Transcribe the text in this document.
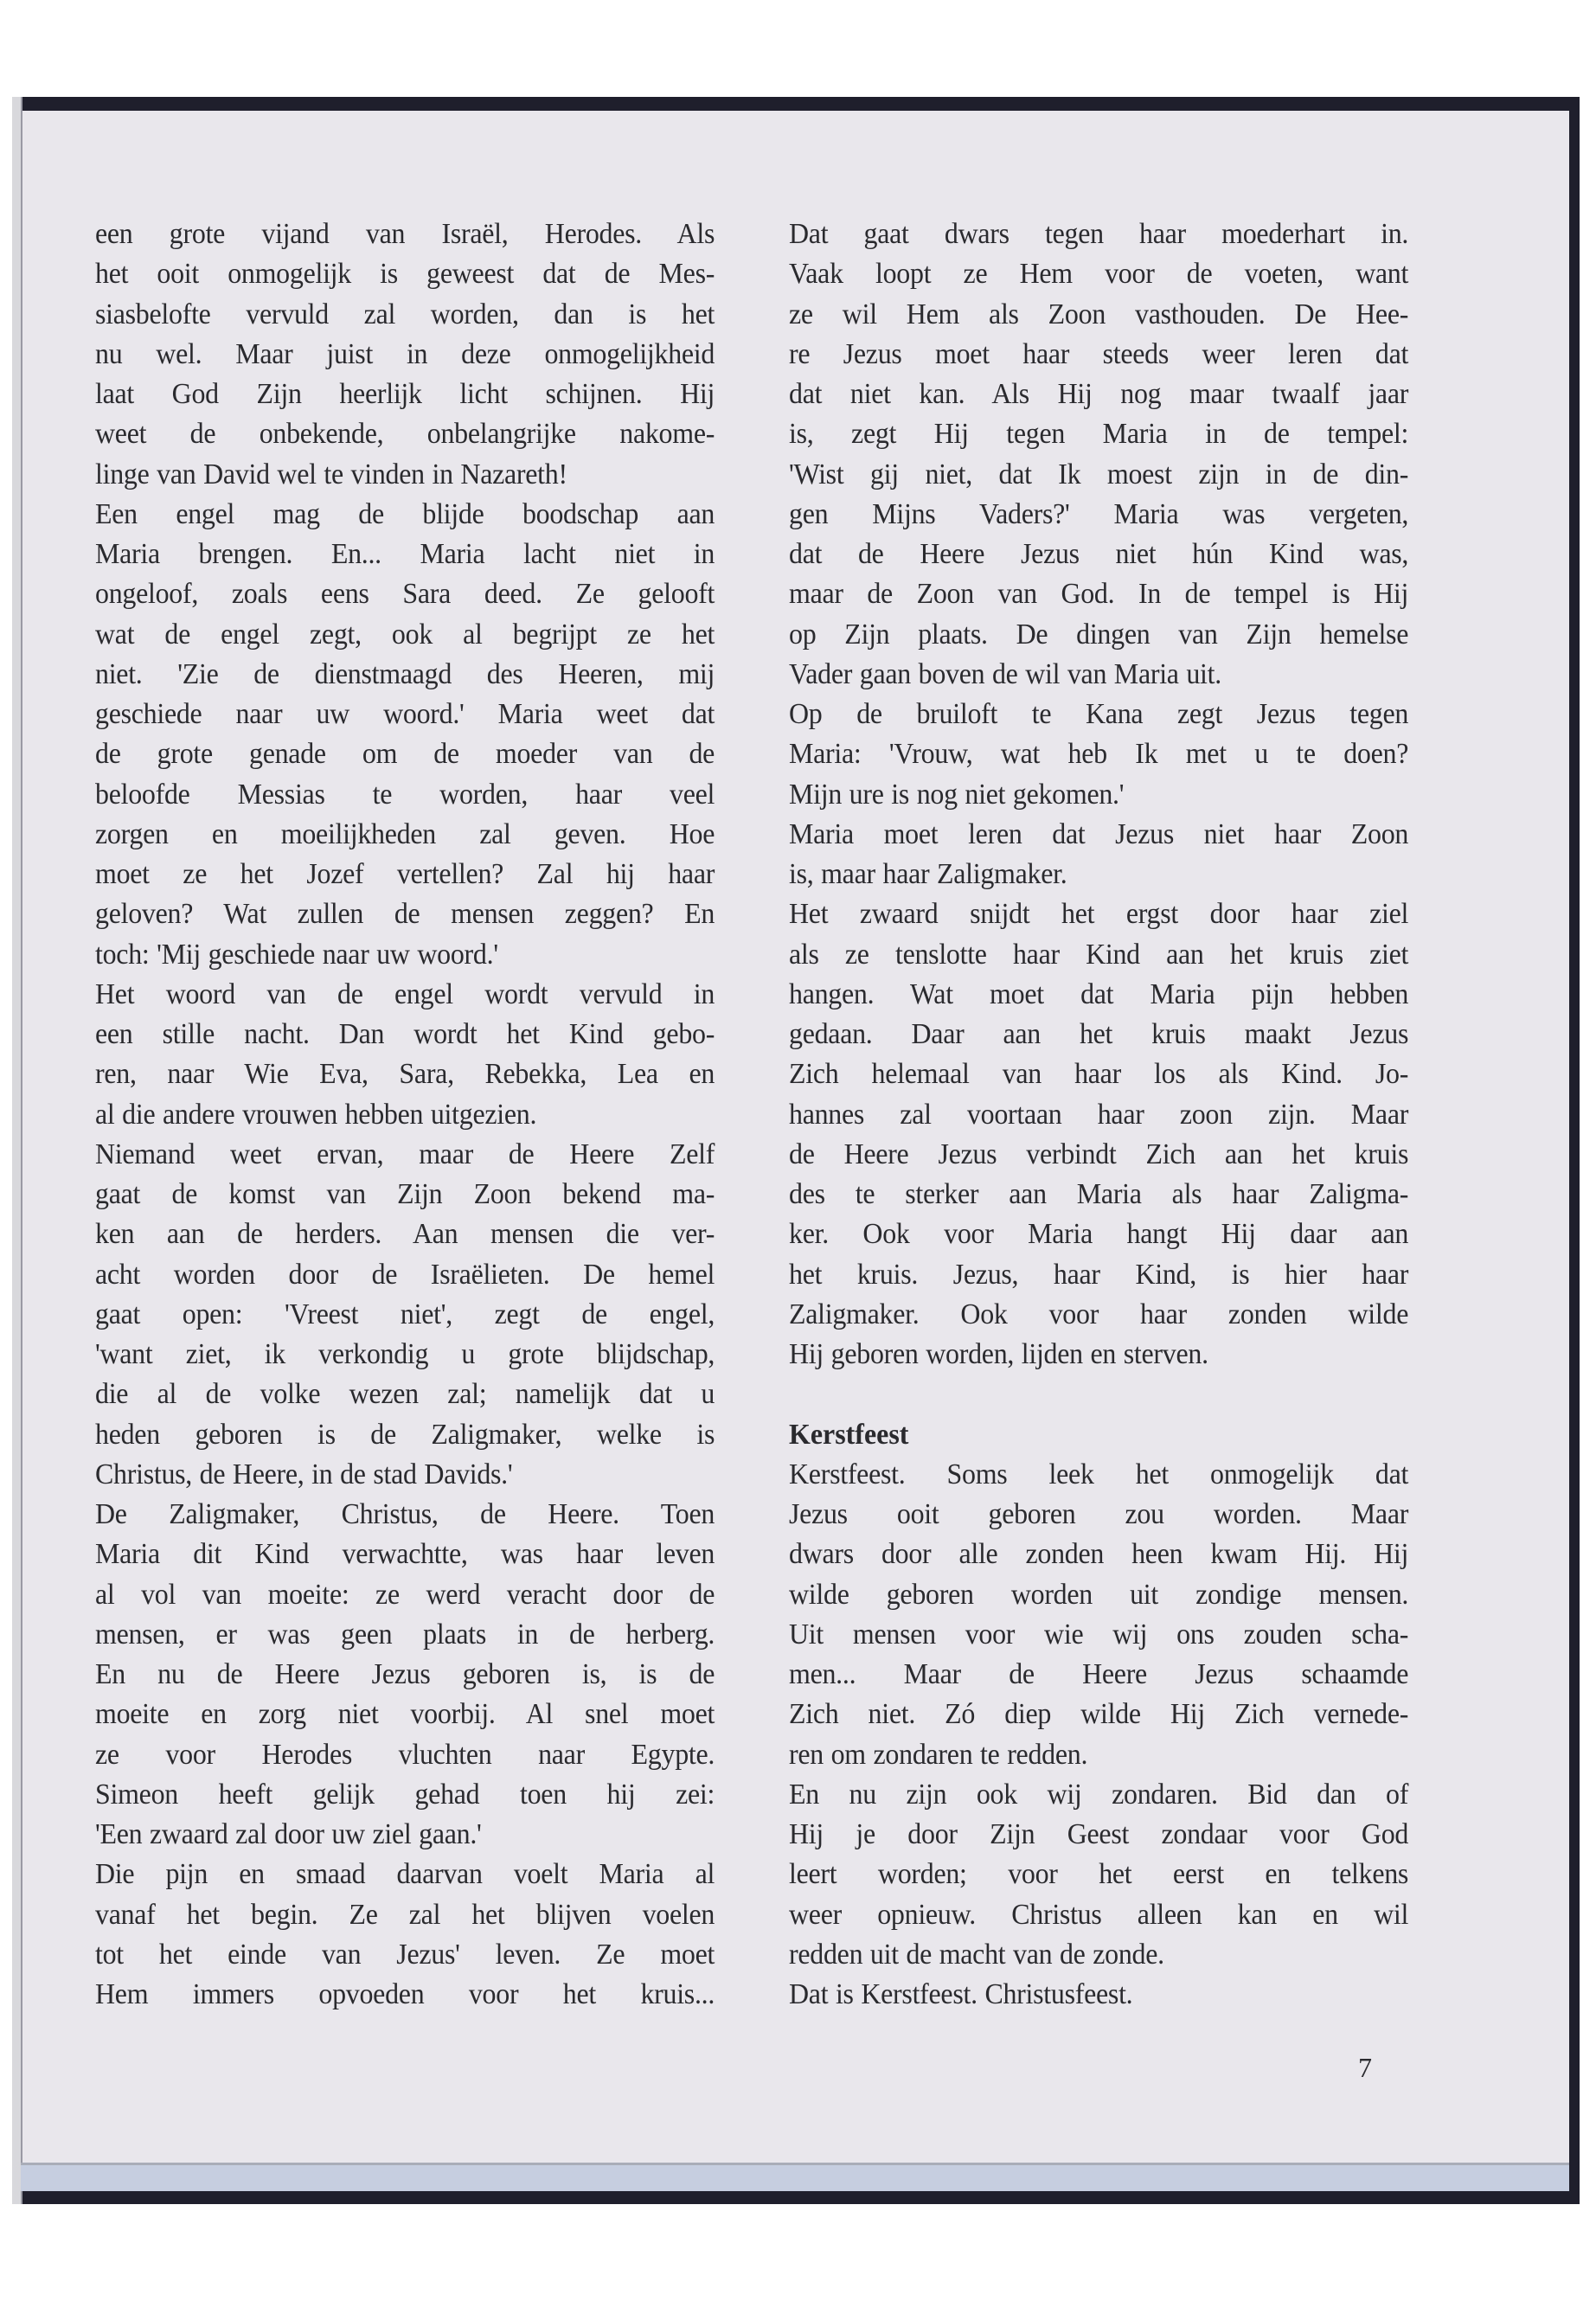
een grote vijand van Israël, Herodes. Als
het ooit onmogelijk is geweest dat de Mes-
siasbelofte vervuld zal worden, dan is het
nu wel. Maar juist in deze onmogelijkheid
laat God Zijn heerlijk licht schijnen. Hij
weet de onbekende, onbelangrijke nakome-
linge van David wel te vinden in Nazareth!
Een engel mag de blijde boodschap aan
Maria brengen. En... Maria lacht niet in
ongeloof, zoals eens Sara deed. Ze gelooft
wat de engel zegt, ook al begrijpt ze het
niet. 'Zie de dienstmaagd des Heeren, mij
geschiede naar uw woord.' Maria weet dat
de grote genade om de moeder van de
beloofde Messias te worden, haar veel
zorgen en moeilijkheden zal geven. Hoe
moet ze het Jozef vertellen? Zal hij haar
geloven? Wat zullen de mensen zeggen? En
toch: 'Mij geschiede naar uw woord.'
Het woord van de engel wordt vervuld in
een stille nacht. Dan wordt het Kind gebo-
ren, naar Wie Eva, Sara, Rebekka, Lea en
al die andere vrouwen hebben uitgezien.
Niemand weet ervan, maar de Heere Zelf
gaat de komst van Zijn Zoon bekend ma-
ken aan de herders. Aan mensen die ver-
acht worden door de Israëlieten. De hemel
gaat open: 'Vreest niet', zegt de engel,
'want ziet, ik verkondig u grote blijdschap,
die al de volke wezen zal; namelijk dat u
heden geboren is de Zaligmaker, welke is
Christus, de Heere, in de stad Davids.'
De Zaligmaker, Christus, de Heere. Toen
Maria dit Kind verwachtte, was haar leven
al vol van moeite: ze werd veracht door de
mensen, er was geen plaats in de herberg.
En nu de Heere Jezus geboren is, is de
moeite en zorg niet voorbij. Al snel moet
ze voor Herodes vluchten naar Egypte.
Simeon heeft gelijk gehad toen hij zei:
'Een zwaard zal door uw ziel gaan.'
Die pijn en smaad daarvan voelt Maria al
vanaf het begin. Ze zal het blijven voelen
tot het einde van Jezus' leven. Ze moet
Hem immers opvoeden voor het kruis...
Dat gaat dwars tegen haar moederhart in.
Vaak loopt ze Hem voor de voeten, want
ze wil Hem als Zoon vasthouden. De Hee-
re Jezus moet haar steeds weer leren dat
dat niet kan. Als Hij nog maar twaalf jaar
is, zegt Hij tegen Maria in de tempel:
'Wist gij niet, dat Ik moest zijn in de din-
gen Mijns Vaders?' Maria was vergeten,
dat de Heere Jezus niet hún Kind was,
maar de Zoon van God. In de tempel is Hij
op Zijn plaats. De dingen van Zijn hemelse
Vader gaan boven de wil van Maria uit.
Op de bruiloft te Kana zegt Jezus tegen
Maria: 'Vrouw, wat heb Ik met u te doen?
Mijn ure is nog niet gekomen.'
Maria moet leren dat Jezus niet haar Zoon
is, maar haar Zaligmaker.
Het zwaard snijdt het ergst door haar ziel
als ze tenslotte haar Kind aan het kruis ziet
hangen. Wat moet dat Maria pijn hebben
gedaan. Daar aan het kruis maakt Jezus
Zich helemaal van haar los als Kind. Jo-
hannes zal voortaan haar zoon zijn. Maar
de Heere Jezus verbindt Zich aan het kruis
des te sterker aan Maria als haar Zaligma-
ker. Ook voor Maria hangt Hij daar aan
het kruis. Jezus, haar Kind, is hier haar
Zaligmaker. Ook voor haar zonden wilde
Hij geboren worden, lijden en sterven.
Kerstfeest
Kerstfeest. Soms leek het onmogelijk dat
Jezus ooit geboren zou worden. Maar
dwars door alle zonden heen kwam Hij. Hij
wilde geboren worden uit zondige mensen.
Uit mensen voor wie wij ons zouden scha-
men... Maar de Heere Jezus schaamde
Zich niet. Zó diep wilde Hij Zich vernede-
ren om zondaren te redden.
En nu zijn ook wij zondaren. Bid dan of
Hij je door Zijn Geest zondaar voor God
leert worden; voor het eerst en telkens
weer opnieuw. Christus alleen kan en wil
redden uit de macht van de zonde.
Dat is Kerstfeest. Christusfeest.
7
